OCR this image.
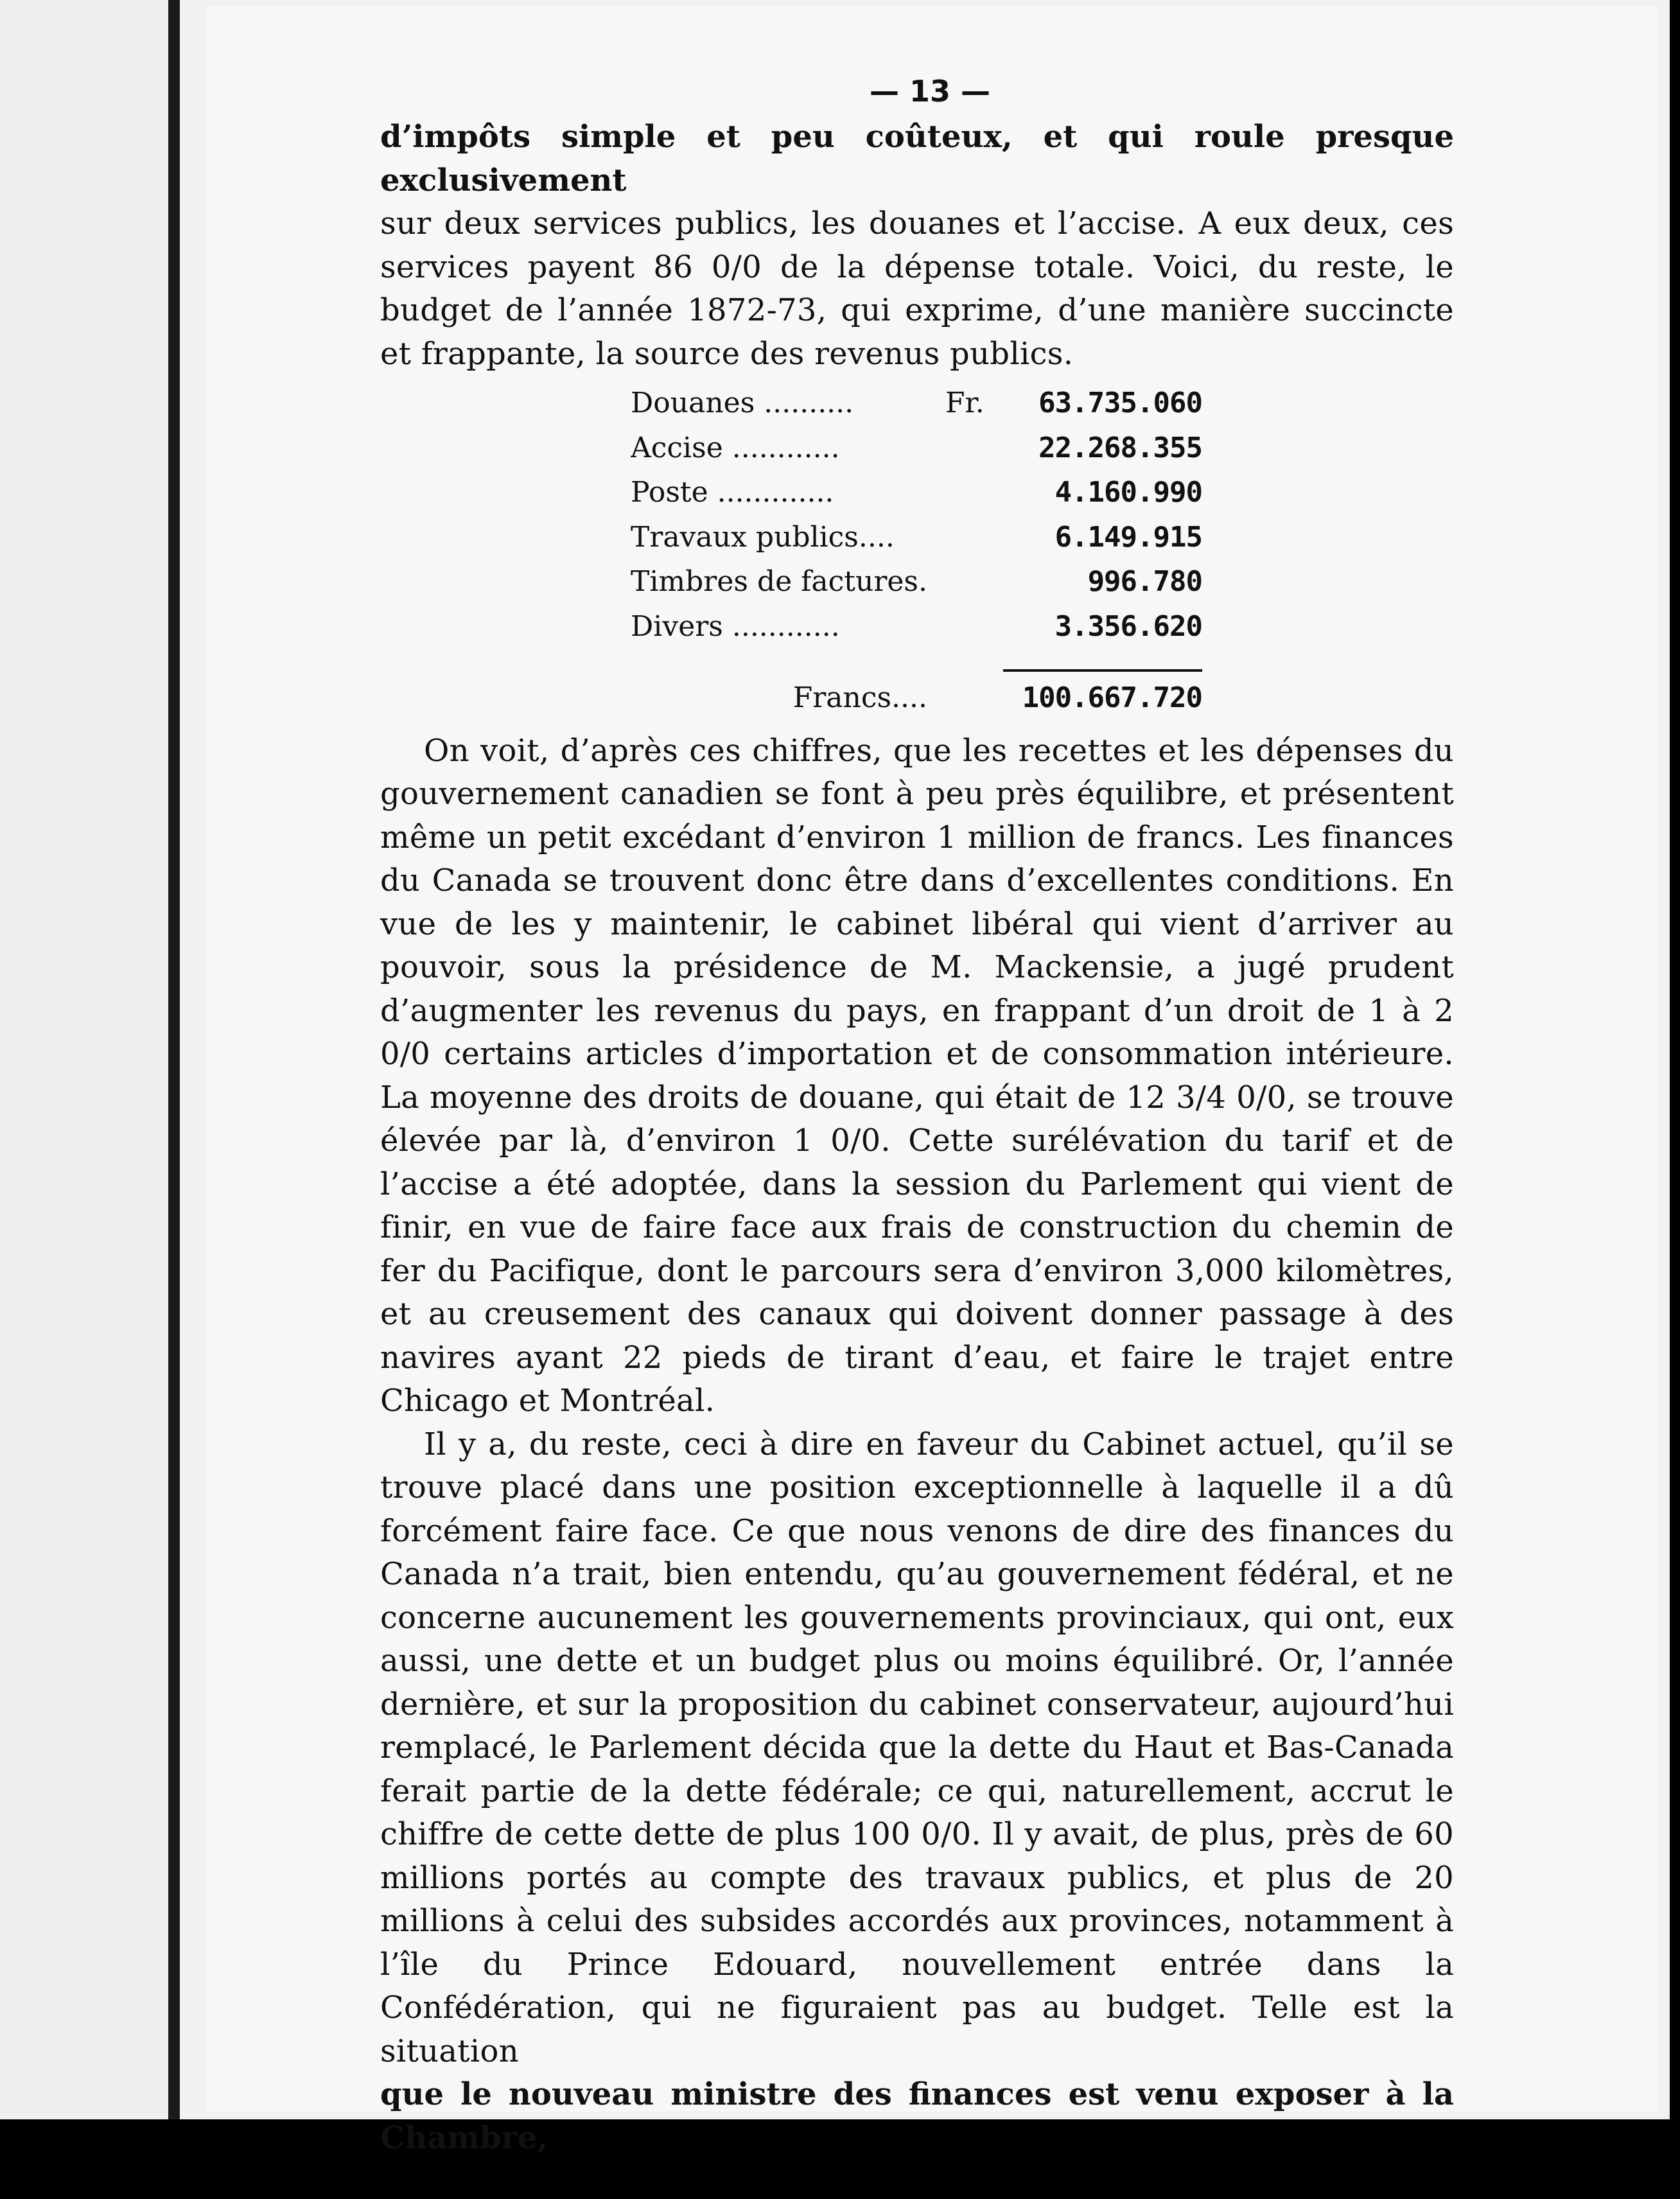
— 13 —

d’impôts simple et peu coûteux, et qui roule presque exclusivement

sur deux services publics, les douanes et l’accise. A eux deux, ces services payent 86 0/0 de la dépense totale. Voici, du reste, le budget de l’année 1872-73, qui exprime, d’une manière succincte et frappante, la source des revenus publics.

Douanes ..........	Fr.	63.735.060
Accise ............	22.268.355
Poste .............	4.160.990
Travaux publics....	6.149.915
Timbres de factures.	996.780
Divers ............	3.356.620
Francs....	100.667.720

On voit, d’après ces chiffres, que les recettes et les dépenses du gouvernement canadien se font à peu près équilibre, et présentent même un petit excédant d’environ 1 million de francs. Les finances du Canada se trouvent donc être dans d’excellentes conditions. En vue de les y maintenir, le cabinet libéral qui vient d’arriver au pouvoir, sous la présidence de M. Mackensie, a jugé prudent d’augmenter les revenus du pays, en frappant d’un droit de 1 à 2 0/0 certains articles d’importation et de consommation intérieure. La moyenne des droits de douane, qui était de 12 3/4 0/0, se trouve élevée par là, d’environ 1 0/0. Cette surélévation du tarif et de l’accise a été adoptée, dans la session du Parlement qui vient de finir, en vue de faire face aux frais de construction du chemin de fer du Pacifique, dont le parcours sera d’environ 3,000 kilomètres, et au creusement des canaux qui doivent donner passage à des navires ayant 22 pieds de tirant d’eau, et faire le trajet entre Chicago et Montréal.

Il y a, du reste, ceci à dire en faveur du Cabinet actuel, qu’il se trouve placé dans une position exceptionnelle à laquelle il a dû forcément faire face. Ce que nous venons de dire des finances du Canada n’a trait, bien entendu, qu’au gouvernement fédéral, et ne concerne aucunement les gouvernements provinciaux, qui ont, eux aussi, une dette et un budget plus ou moins équilibré. Or, l’année dernière, et sur la proposition du cabinet conservateur, aujourd’hui remplacé, le Parlement décida que la dette du Haut et Bas-Canada ferait partie de la dette fédérale; ce qui, naturellement, accrut le chiffre de cette dette de plus 100 0/0. Il y avait, de plus, près de 60 millions portés au compte des travaux publics, et plus de 20 millions à celui des subsides accordés aux provinces, notamment à l’île du Prince Edouard, nouvellement entrée dans la Confédération, qui ne figuraient pas au budget. Telle est la situation

que le nouveau ministre des finances est venu exposer à la Chambre,
